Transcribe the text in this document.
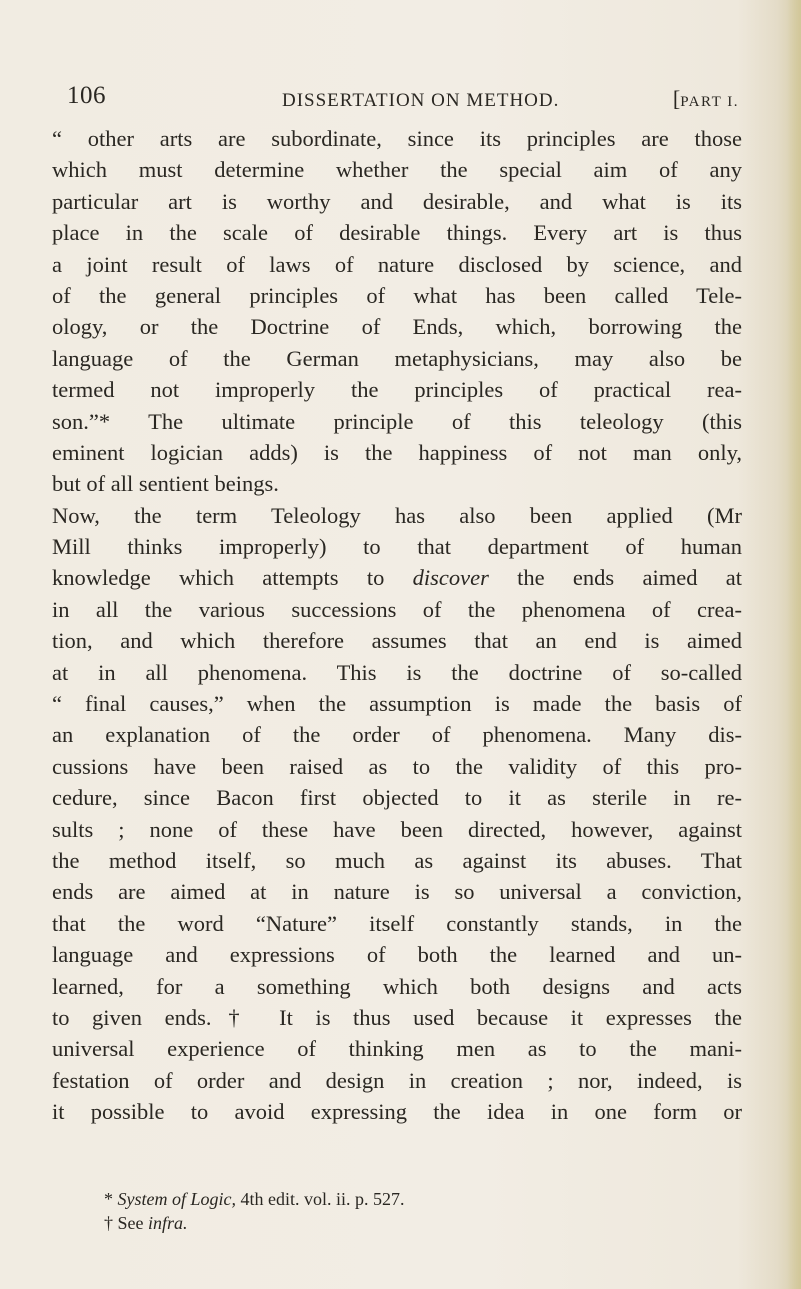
106	DISSERTATION ON METHOD.	[PART I.
“ other arts are subordinate, since its principles are those
which must determine whether the special aim of any
particular art is worthy and desirable, and what is its
place in the scale of desirable things. Every art is thus
a joint result of laws of nature disclosed by science, and
of the general principles of what has been called Tele-
ology, or the Doctrine of Ends, which, borrowing the
language of the German metaphysicians, may also be
termed not improperly the principles of practical rea-
son.”* The ultimate principle of this teleology (this
eminent logician adds) is the happiness of not man only,
but of all sentient beings.
Now, the term Teleology has also been applied (Mr
Mill thinks improperly) to that department of human
knowledge which attempts to discover the ends aimed at
in all the various successions of the phenomena of crea-
tion, and which therefore assumes that an end is aimed
at in all phenomena. This is the doctrine of so-called
“ final causes,” when the assumption is made the basis of
an explanation of the order of phenomena. Many dis-
cussions have been raised as to the validity of this pro-
cedure, since Bacon first objected to it as sterile in re-
sults ; none of these have been directed, however, against
the method itself, so much as against its abuses. That
ends are aimed at in nature is so universal a conviction,
that the word “Nature” itself constantly stands, in the
language and expressions of both the learned and un-
learned, for a something which both designs and acts
to given ends.† It is thus used because it expresses the
universal experience of thinking men as to the mani-
festation of order and design in creation ; nor, indeed, is
it possible to avoid expressing the idea in one form or
* System of Logic, 4th edit. vol. ii. p. 527.
† See infra.
